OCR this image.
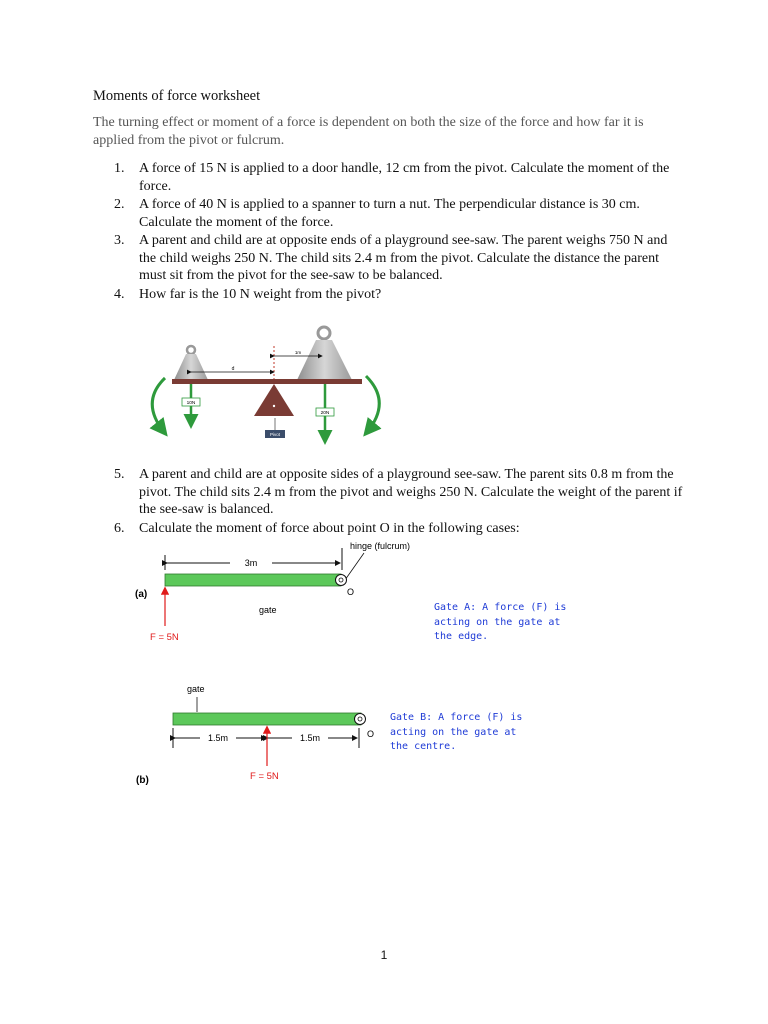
Moments of force worksheet
The turning effect or moment of a force is dependent on both the size of the force and how far it is applied from the pivot or fulcrum.
1. A force of 15 N is applied to a door handle, 12 cm from the pivot. Calculate the moment of the force.
2. A force of 40 N is applied to a spanner to turn a nut. The perpendicular distance is 30 cm. Calculate the moment of the force.
3. A parent and child are at opposite ends of a playground see-saw. The parent weighs 750 N and the child weighs 250 N. The child sits 2.4 m from the pivot. Calculate the distance the parent must sit from the pivot for the see-saw to be balanced.
4. How far is the 10 N weight from the pivot?
Pivot
1m
d
10N
20N
5. A parent and child are at opposite sides of a playground see-saw. The parent sits 0.8 m from the pivot. The child sits 2.4 m from the pivot and weighs 250 N. Calculate the weight of the parent if the see-saw is balanced.
6. Calculate the moment of force about point O in the following cases:
3m
hinge (fulcrum)
O
(a)
gate
F = 5N
gate
O
1.5m	1.5m
F = 5N
(b)
Gate A: A force (F) is
acting on the gate at
the edge.
Gate B: A force (F) is
acting on the gate at
the centre.
1
